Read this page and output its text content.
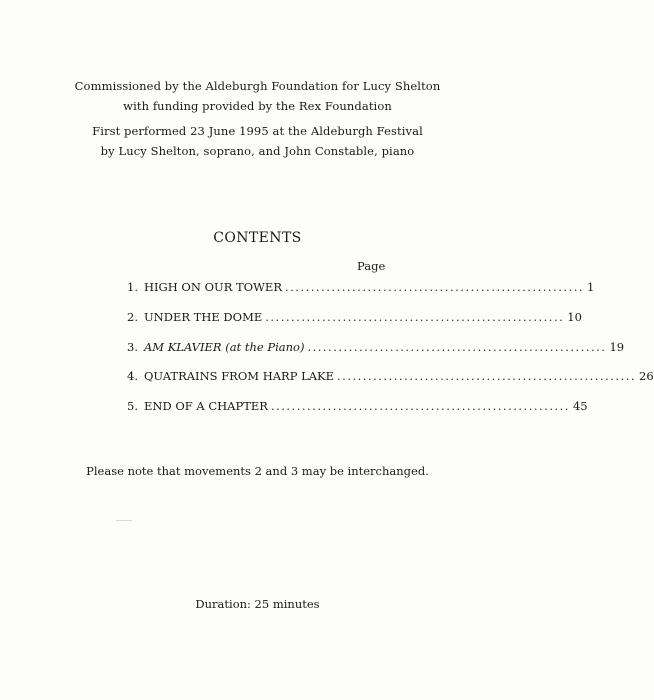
Commissioned by the Aldeburgh Foundation for Lucy Shelton
with funding provided by the Rex Foundation
First performed 23 June 1995 at the Aldeburgh Festival
by Lucy Shelton, soprano, and John Constable, piano
CONTENTS
Page
1. HIGH ON OUR TOWER .......................................................... 1
2. UNDER THE DOME .......................................................... 10
3. AM KLAVIER (at the Piano) .......................................................... 19
4. QUATRAINS FROM HARP LAKE .......................................................... 26
5. END OF A CHAPTER .......................................................... 45
Please note that movements 2 and 3 may be interchanged.
Duration: 25 minutes
